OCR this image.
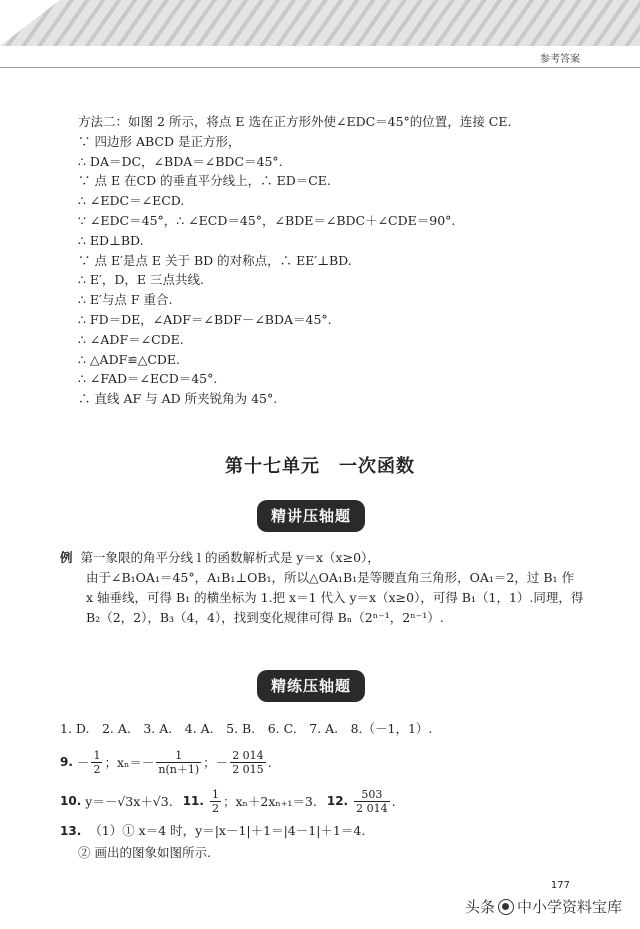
参考答案
方法二：如图 2 所示，将点 E 选在正方形外使∠EDC＝45°的位置，连接 CE.
∵ 四边形 ABCD 是正方形，
∴ DA＝DC，∠BDA＝∠BDC＝45°.
∵ 点 E 在CD 的垂直平分线上，∴ ED＝CE.
∴ ∠EDC＝∠ECD.
∵ ∠EDC＝45°，∴ ∠ECD＝45°，∠BDE＝∠BDC＋∠CDE＝90°.
∴ ED⊥BD.
∵ 点 E′是点 E 关于 BD 的对称点，∴ EE′⊥BD.
∴ E′，D，E 三点共线.
∴ E′与点 F 重合.
∴ FD＝DE，∠ADF＝∠BDF－∠BDA＝45°.
∴ ∠ADF＝∠CDE.
∴ △ADF≌△CDE.
∴ ∠FAD＝∠ECD＝45°.
∴ 直线 AF 与 AD 所夹锐角为 45°.
第十七单元　一次函数
精讲压轴题
例 第一象限的角平分线 l 的函数解析式是 y＝x（x≥0），
由于∠B₁OA₁＝45°，A₁B₁⊥OB₁，所以△OA₁B₁是等腰直角三角形，OA₁＝2，过 B₁ 作
x 轴垂线，可得 B₁ 的横坐标为 1.把 x＝1 代入 y＝x（x≥0），可得 B₁（1，1）.同理，得
B₂（2，2），B₃（4，4），找到变化规律可得 Bₙ（2ⁿ⁻¹，2ⁿ⁻¹）.
精练压轴题
1. D.　2. A.　3. A.　4. A.　5. B.　6. C.　7. A.　8.（－1，1）.
9. － $\frac{1}{2}$ ；$x_n=- \frac{1}{n(n+1)}$ ；－ $\frac{2 014}{2 015}$ .
10. y＝－√3x＋√3. 11. $\frac{1}{2}$ ；xₙ＋2xₙ₊₁＝3. 12. $\frac{503}{2 014}$ .
13. （1）① x＝4 时，y＝|x－1|＋1＝|4－1|＋1＝4.
② 画出的图象如图所示.
177
头条 中小学资料宝库
